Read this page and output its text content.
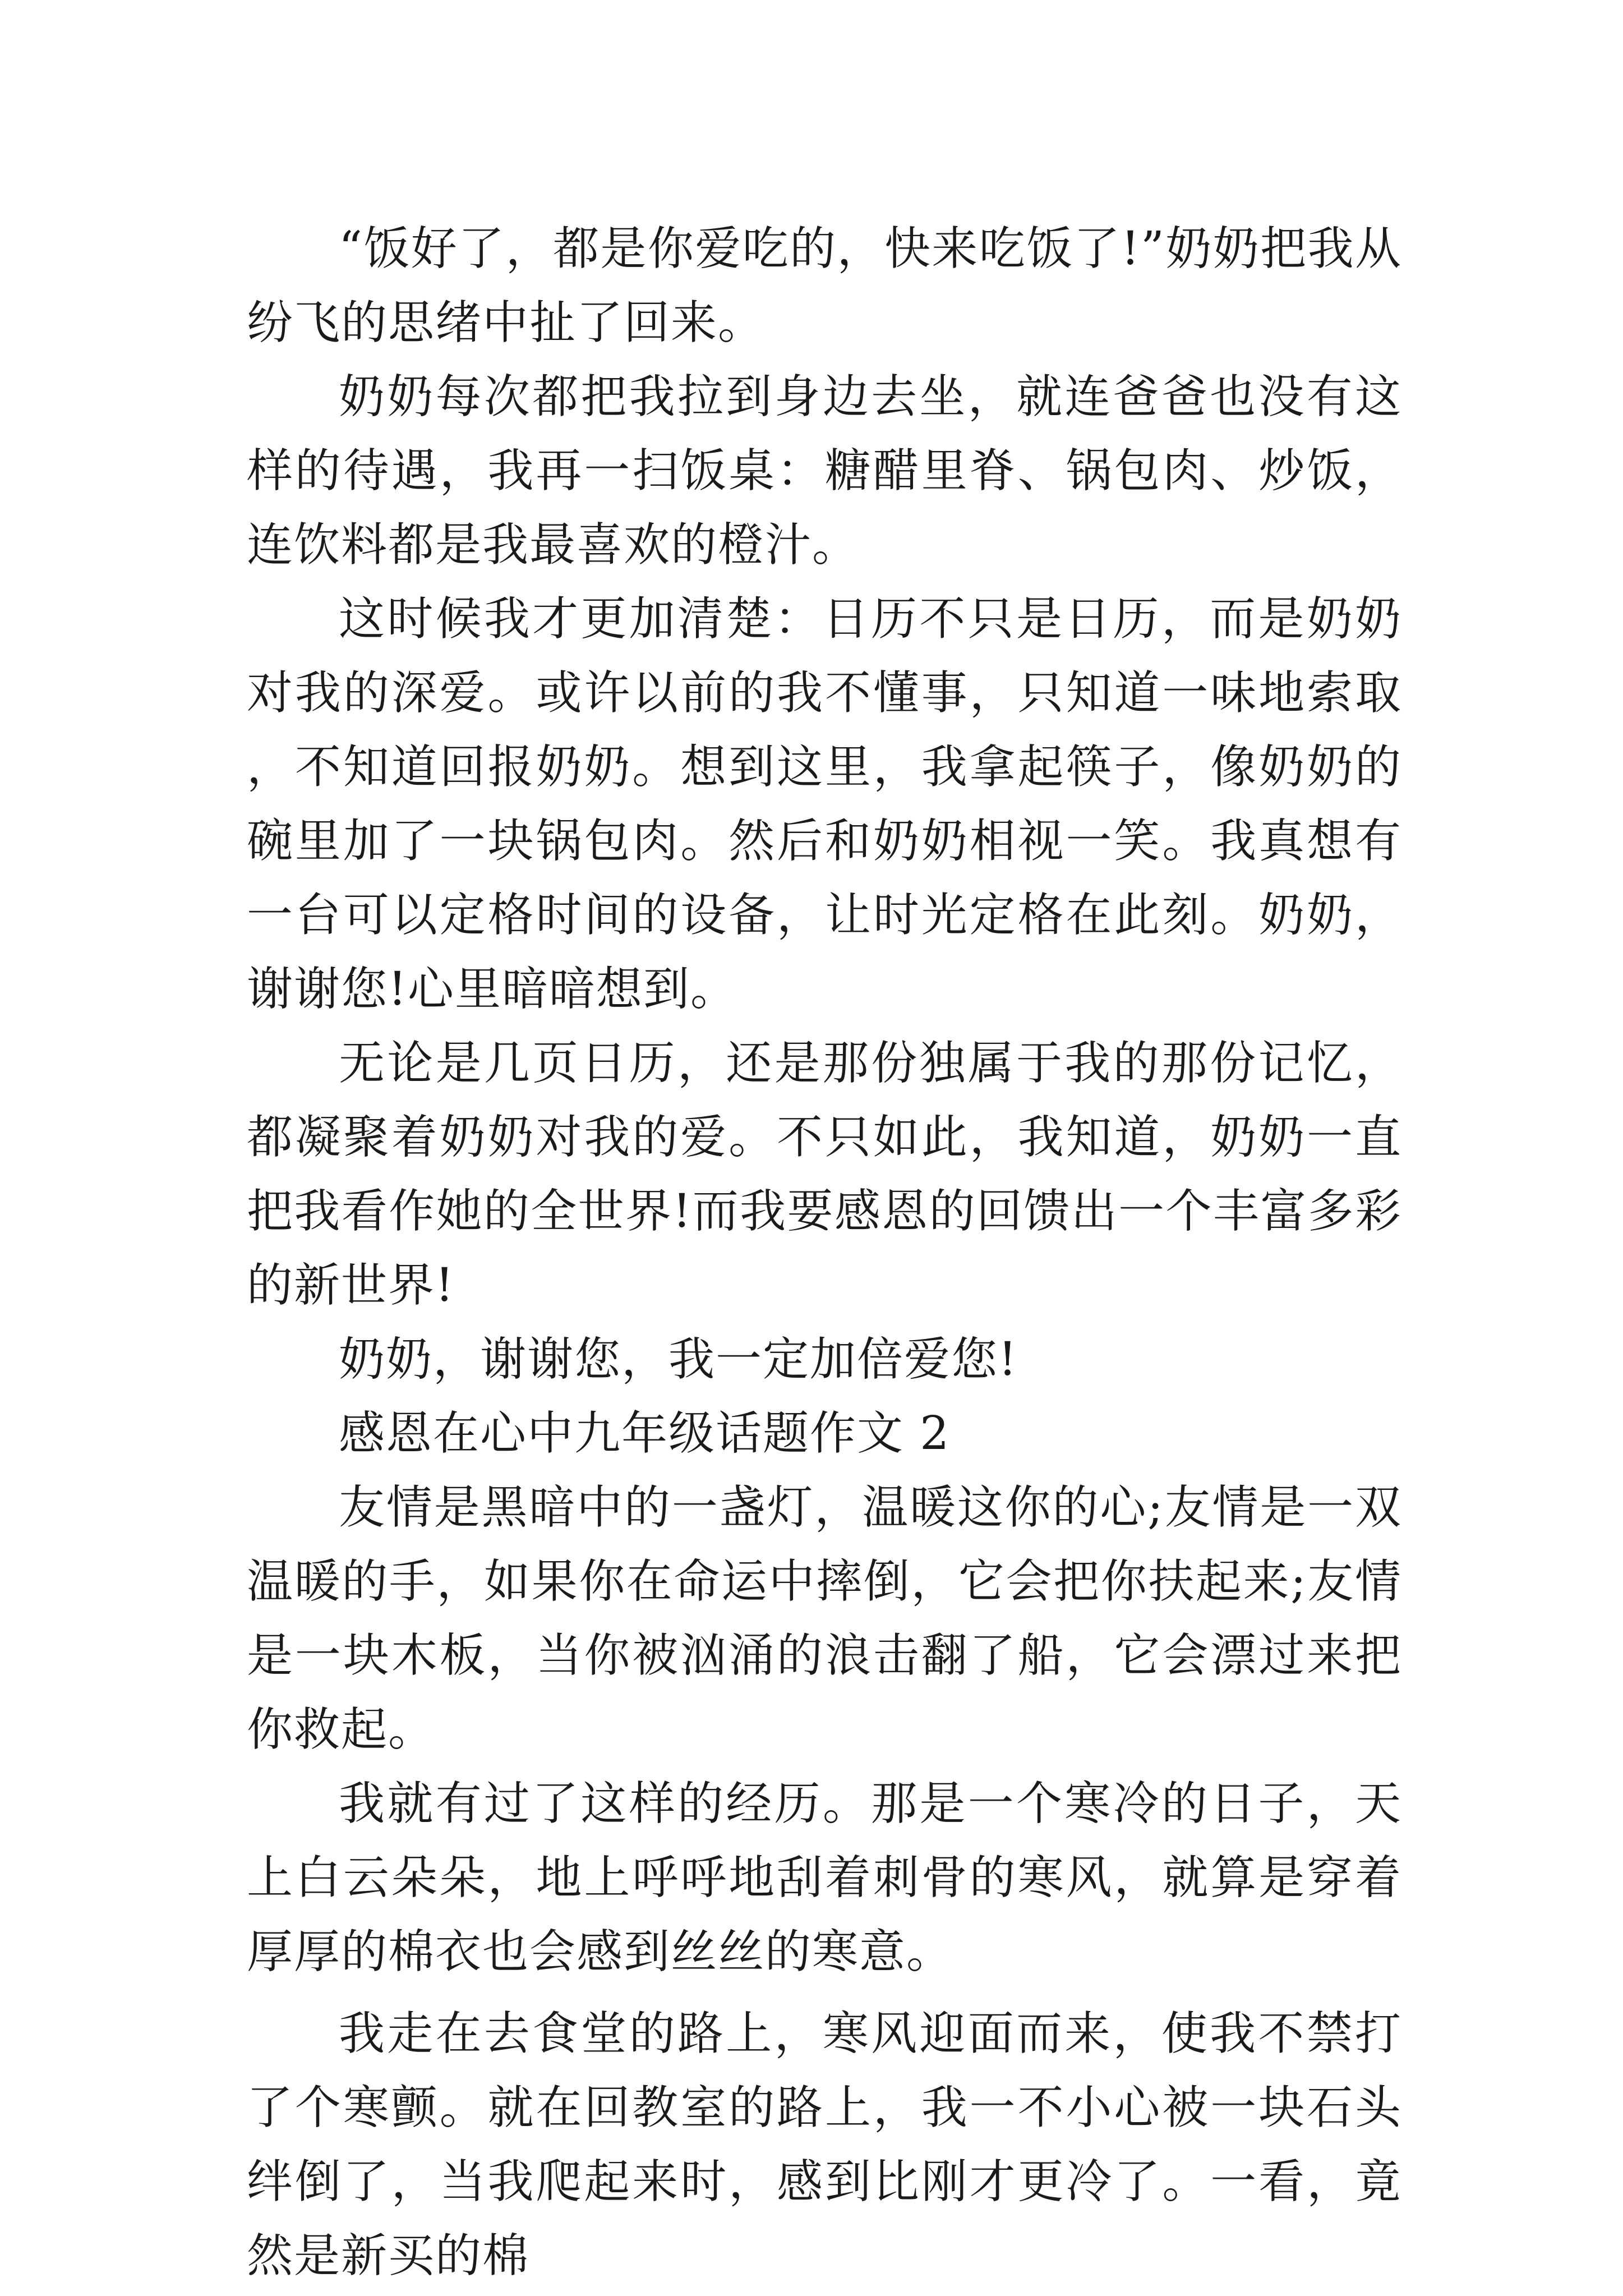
“饭好了，都是你爱吃的，快来吃饭了!”奶奶把我从纷飞的思绪中扯了回来。

奶奶每次都把我拉到身边去坐，就连爸爸也没有这样的待遇，我再一扫饭桌：糖醋里脊、锅包肉、炒饭，连饮料都是我最喜欢的橙汁。

这时候我才更加清楚：日历不只是日历，而是奶奶对我的深爱。或许以前的我不懂事，只知道一味地索取，不知道回报奶奶。想到这里，我拿起筷子，像奶奶的碗里加了一块锅包肉。然后和奶奶相视一笑。我真想有一台可以定格时间的设备，让时光定格在此刻。奶奶，谢谢您!心里暗暗想到。

无论是几页日历，还是那份独属于我的那份记忆，都凝聚着奶奶对我的爱。不只如此，我知道，奶奶一直把我看作她的全世界!而我要感恩的回馈出一个丰富多彩的新世界!

奶奶，谢谢您，我一定加倍爱您!

感恩在心中九年级话题作文 2

友情是黑暗中的一盏灯，温暖这你的心;友情是一双温暖的手，如果你在命运中摔倒，它会把你扶起来;友情是一块木板，当你被汹涌的浪击翻了船，它会漂过来把你救起。

我就有过了这样的经历。那是一个寒冷的日子，天上白云朵朵，地上呼呼地刮着刺骨的寒风，就算是穿着厚厚的棉衣也会感到丝丝的寒意。

我走在去食堂的路上，寒风迎面而来，使我不禁打了个寒颤。就在回教室的路上，我一不小心被一块石头绊倒了，当我爬起来时，感到比刚才更冷了。一看，竟然是新买的棉
